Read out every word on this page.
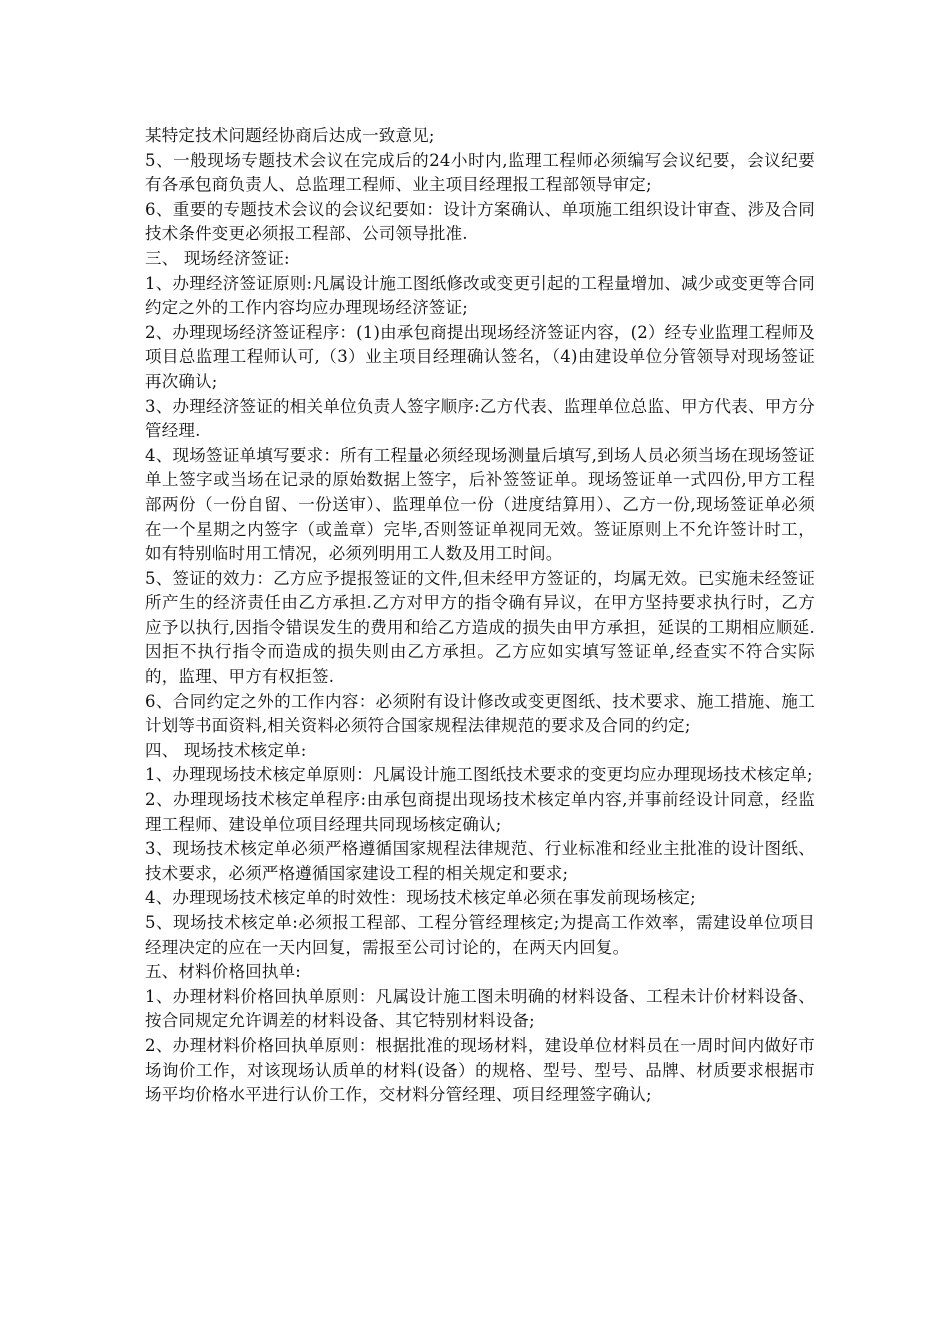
某特定技术问题经协商后达成一致意见;

5、一般现场专题技术会议在完成后的24小时内,监理工程师必须编写会议纪要，会议纪要有各承包商负责人、总监理工程师、业主项目经理报工程部领导审定;

6、重要的专题技术会议的会议纪要如：设计方案确认、单项施工组织设计审查、涉及合同技术条件变更必须报工程部、公司领导批准.

三、 现场经济签证:

1、办理经济签证原则:凡属设计施工图纸修改或变更引起的工程量增加、减少或变更等合同约定之外的工作内容均应办理现场经济签证;

2、办理现场经济签证程序：(1)由承包商提出现场经济签证内容，(2）经专业监理工程师及项目总监理工程师认可,（3）业主项目经理确认签名，（4)由建设单位分管领导对现场签证再次确认;

3、办理经济签证的相关单位负责人签字顺序:乙方代表、监理单位总监、甲方代表、甲方分管经理.

4、现场签证单填写要求：所有工程量必须经现场测量后填写,到场人员必须当场在现场签证单上签字或当场在记录的原始数据上签字，后补签签证单。现场签证单一式四份,甲方工程部两份（一份自留、一份送审）、监理单位一份（进度结算用）、乙方一份,现场签证单必须在一个星期之内签字（或盖章）完毕,否则签证单视同无效。签证原则上不允许签计时工，如有特别临时用工情况，必须列明用工人数及用工时间。

5、签证的效力：乙方应予提报签证的文件,但未经甲方签证的，均属无效。已实施未经签证所产生的经济责任由乙方承担.乙方对甲方的指令确有异议，在甲方坚持要求执行时，乙方应予以执行,因指令错误发生的费用和给乙方造成的损失由甲方承担，延误的工期相应顺延.因拒不执行指令而造成的损失则由乙方承担。乙方应如实填写签证单,经查实不符合实际的，监理、甲方有权拒签.

6、合同约定之外的工作内容：必须附有设计修改或变更图纸、技术要求、施工措施、施工计划等书面资料,相关资料必须符合国家规程法律规范的要求及合同的约定;

四、 现场技术核定单:

1、办理现场技术核定单原则：凡属设计施工图纸技术要求的变更均应办理现场技术核定单;

2、办理现场技术核定单程序:由承包商提出现场技术核定单内容,并事前经设计同意，经监理工程师、建设单位项目经理共同现场核定确认;

3、现场技术核定单必须严格遵循国家规程法律规范、行业标准和经业主批准的设计图纸、技术要求，必须严格遵循国家建设工程的相关规定和要求;

4、办理现场技术核定单的时效性：现场技术核定单必须在事发前现场核定;

5、现场技术核定单:必须报工程部、工程分管经理核定;为提高工作效率，需建设单位项目经理决定的应在一天内回复，需报至公司讨论的，在两天内回复。

五、材料价格回执单:

1、办理材料价格回执单原则：凡属设计施工图未明确的材料设备、工程未计价材料设备、按合同规定允许调差的材料设备、其它特别材料设备;

2、办理材料价格回执单原则：根据批准的现场材料，建设单位材料员在一周时间内做好市场询价工作，对该现场认质单的材料(设备）的规格、型号、型号、品牌、材质要求根据市场平均价格水平进行认价工作，交材料分管经理、项目经理签字确认;
